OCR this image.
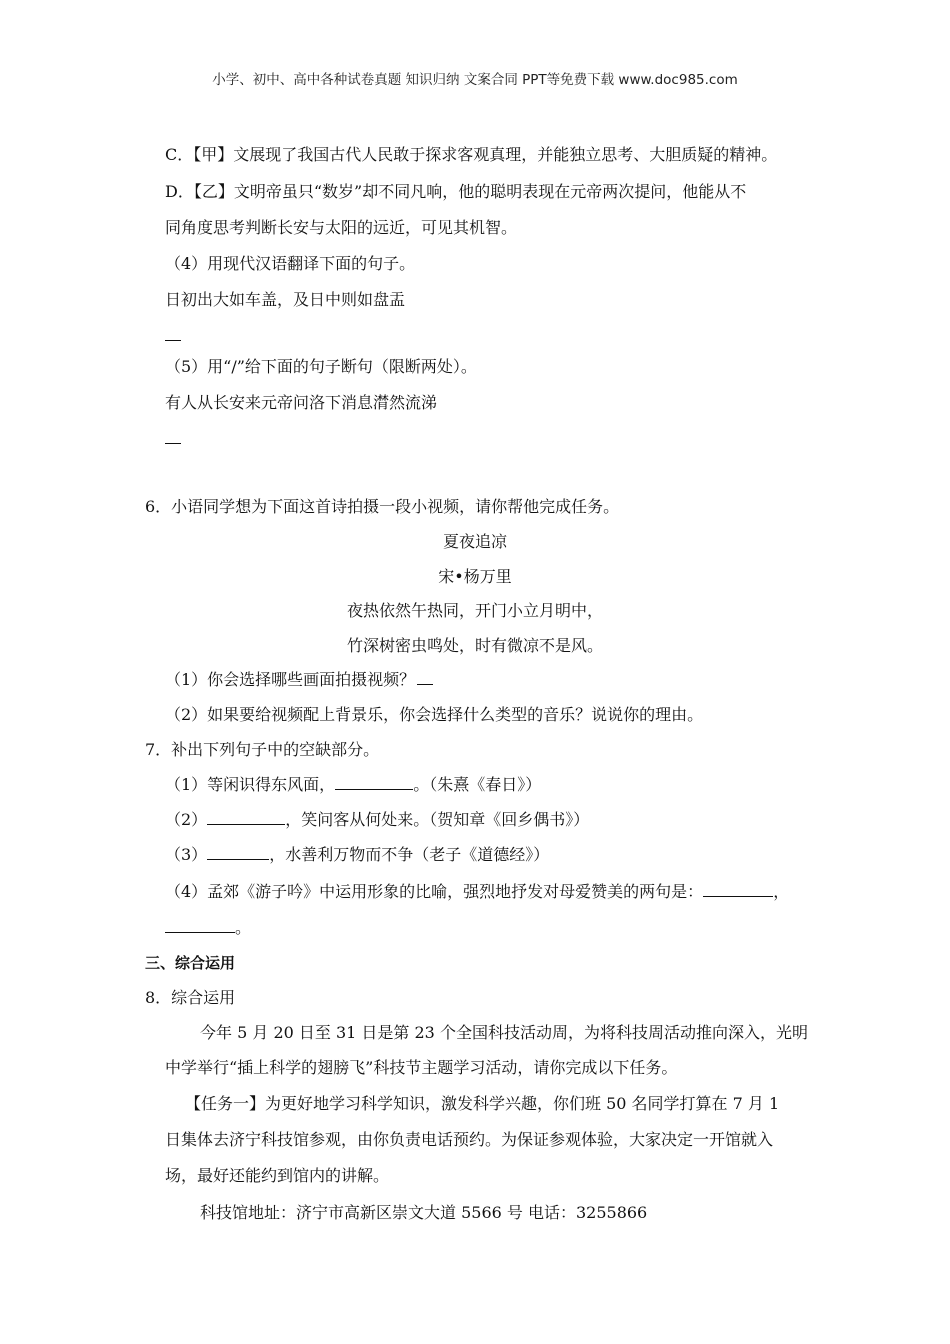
小学、初中、高中各种试卷真题 知识归纳 文案合同 PPT等免费下载 www.doc985.com
C．【甲】文展现了我国古代人民敢于探求客观真理，并能独立思考、大胆质疑的精神。
D．【乙】文明帝虽只“数岁”却不同凡响，他的聪明表现在元帝两次提问，他能从不
同角度思考判断长安与太阳的远近，可见其机智。
（4）用现代汉语翻译下面的句子。
日初出大如车盖，及日中则如盘盂
（5）用“/”给下面的句子断句（限断两处）。
有人从长安来元帝问洛下消息潸然流涕
6．小语同学想为下面这首诗拍摄一段小视频，请你帮他完成任务。
夏夜追凉
宋•杨万里
夜热依然午热同，开门小立月明中，
竹深树密虫鸣处，时有微凉不是风。
（1）你会选择哪些画面拍摄视频？
（2）如果要给视频配上背景乐，你会选择什么类型的音乐？说说你的理由。
7．补出下列句子中的空缺部分。
（1）等闲识得东风面，	。（朱熹《春日》）
（2）	，笑问客从何处来。（贺知章《回乡偶书》）
（3）	，水善利万物而不争（老子《道德经》）
（4）孟郊《游子吟》中运用形象的比喻，强烈地抒发对母爱赞美的两句是：	，
。
三、综合运用
8．综合运用
今年 5 月 20 日至 31 日是第 23 个全国科技活动周，为将科技周活动推向深入，光明
中学举行“插上科学的翅膀飞”科技节主题学习活动，请你完成以下任务。
【任务一】为更好地学习科学知识，激发科学兴趣，你们班 50 名同学打算在 7 月 1
日集体去济宁科技馆参观，由你负责电话预约。为保证参观体验，大家决定一开馆就入
场，最好还能约到馆内的讲解。
科技馆地址：济宁市高新区崇文大道 5566 号 电话：3255866
